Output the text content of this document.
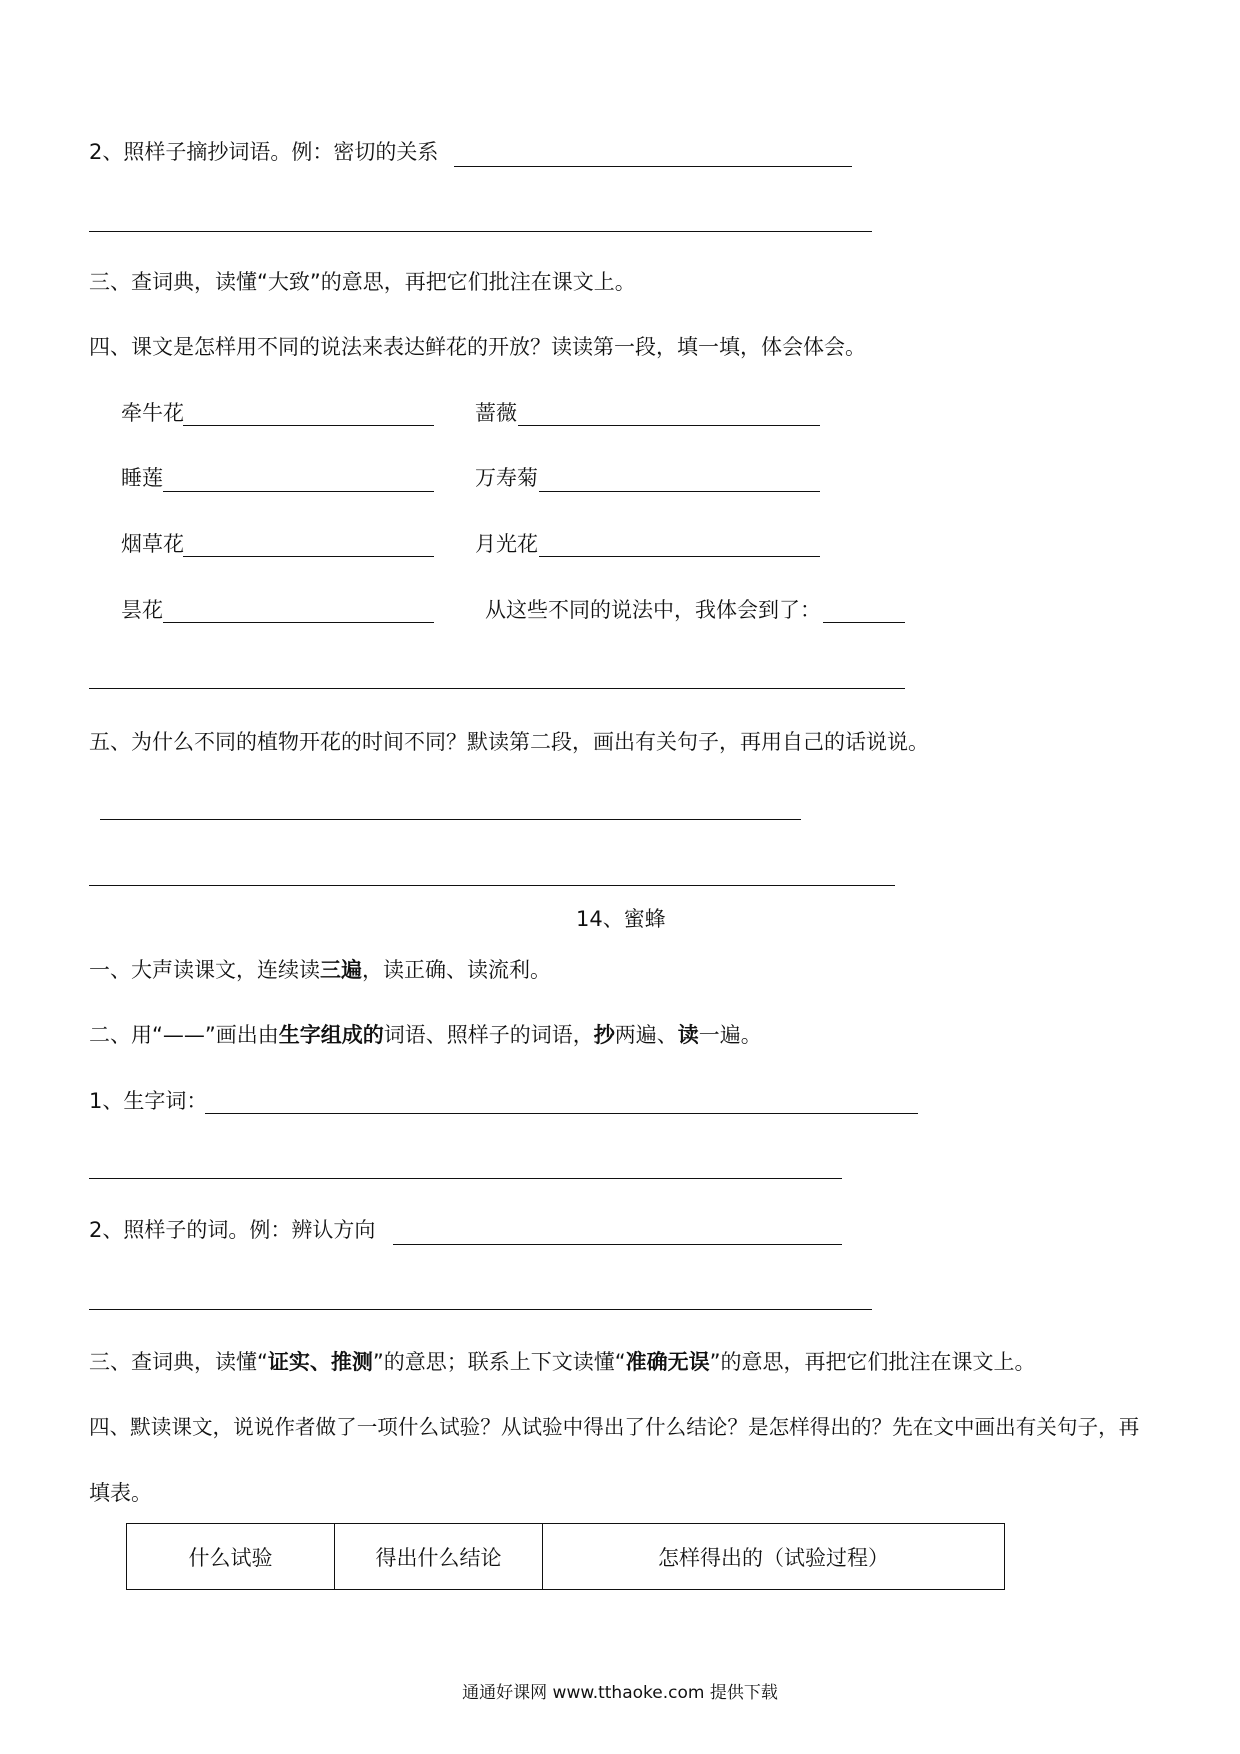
2、照样子摘抄词语。例：密切的关系
三、查词典，读懂“大致”的意思，再把它们批注在课文上。
四、课文是怎样用不同的说法来表达鲜花的开放？读读第一段，填一填，体会体会。
牵牛花	蔷薇
睡莲	万寿菊
烟草花	月光花
昙花	从这些不同的说法中，我体会到了：
五、为什么不同的植物开花的时间不同？默读第二段，画出有关句子，再用自己的话说说。
14、蜜蜂
一、大声读课文，连续读三遍，读正确、读流利。
二、用“——”画出由生字组成的词语、照样子的词语，抄两遍、读一遍。
1、生字词：
2、照样子的词。例：辨认方向
三、查词典，读懂“证实、推测”的意思；联系上下文读懂“准确无误”的意思，再把它们批注在课文上。
四、默读课文，说说作者做了一项什么试验？从试验中得出了什么结论？是怎样得出的？先在文中画出有关句子，再
填表。
什么试验	得出什么结论	怎样得出的（试验过程）
通通好课网 www.tthaoke.com 提供下载
